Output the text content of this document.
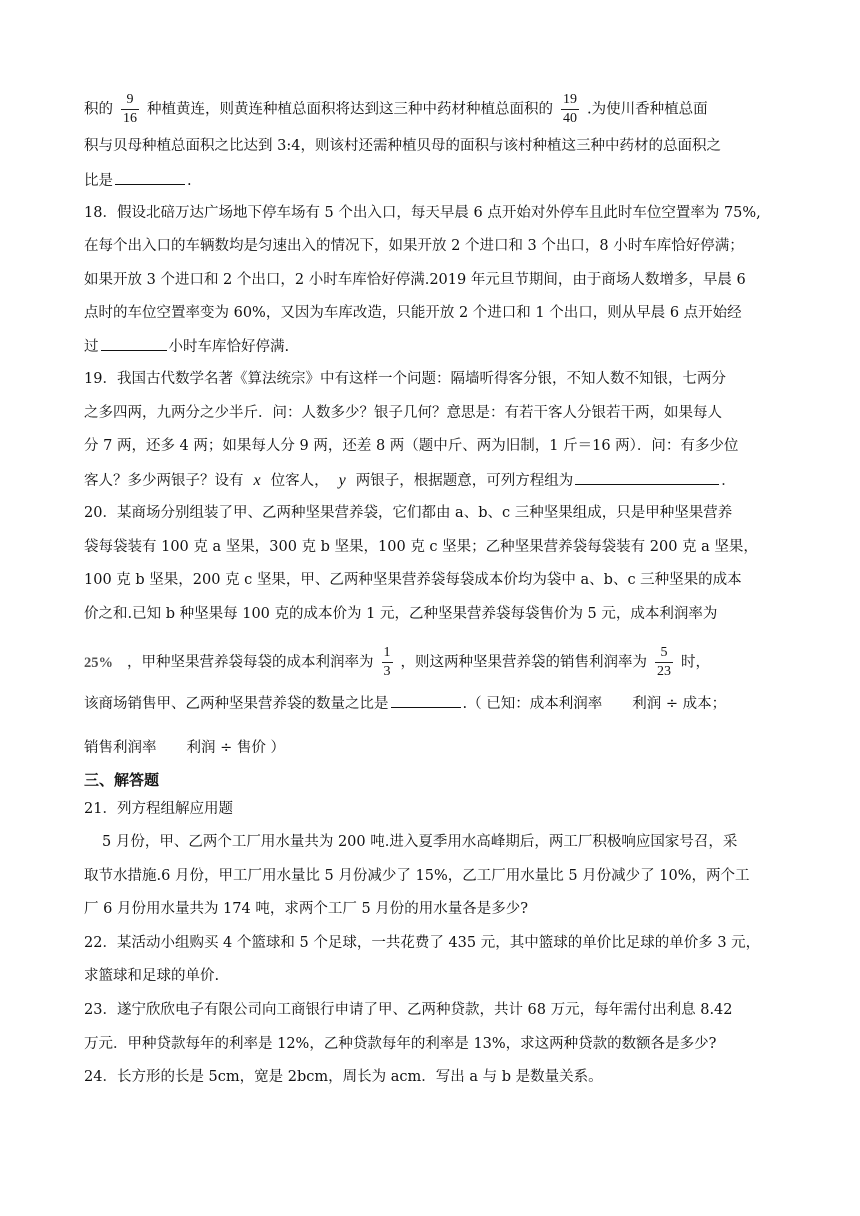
积的 $\frac{9}{16}$ 种植黄连，则黄连种植总面积将达到这三种中药材种植总面积的 $\frac{19}{40}$ .为使川香种植总面
积与贝母种植总面积之比达到 3:4，则该村还需种植贝母的面积与该村种植这三种中药材的总面积之
比是	.
18．假设北碚万达广场地下停车场有 5 个出入口，每天早晨 6 点开始对外停车且此时车位空置率为 75%,
在每个出入口的车辆数均是匀速出入的情况下，如果开放 2 个进口和 3 个出口，8 小时车库恰好停满；
如果开放 3 个进口和 2 个出口，2 小时车库恰好停满.2019 年元旦节期间，由于商场人数增多，早晨 6
点时的车位空置率变为 60%，又因为车库改造，只能开放 2 个进口和 1 个出口，则从早晨 6 点开始经
过	小时车库恰好停满.
19．我国古代数学名著《算法统宗》中有这样一个问题：隔墙听得客分银，不知人数不知银，七两分
之多四两，九两分之少半斤．问：人数多少？银子几何？意思是：有若干客人分银若干两，如果每人
分 7 两，还多 4 两；如果每人分 9 两，还差 8 两（题中斤、两为旧制，1 斤＝16 两）．问：有多少位
客人？多少两银子？设有 x 位客人， y 两银子，根据题意，可列方程组为	．
20．某商场分别组装了甲、乙两种坚果营养袋，它们都由 a、b、c 三种坚果组成，只是甲种坚果营养
袋每袋装有 100 克 a 坚果，300 克 b 坚果，100 克 c 坚果；乙种坚果营养袋每袋装有 200 克 a 坚果，
100 克 b 坚果，200 克 c 坚果，甲、乙两种坚果营养袋每袋成本价均为袋中 a、b、c 三种坚果的成本
价之和.已知 b 种坚果每 100 克的成本价为 1 元，乙种坚果营养袋每袋售价为 5 元，成本利润率为
25% ，甲种坚果营养袋每袋的成本利润率为 $\frac{1}{3}$ ，则这两种坚果营养袋的销售利润率为 $\frac{5}{23}$ 时，
该商场销售甲、乙两种坚果营养袋的数量之比是	.（ 已知：成本利润率 利润 ÷ 成本；
销售利润率 利润 ÷ 售价 ）
三、解答题
21．列方程组解应用题
5 月份，甲、乙两个工厂用水量共为 200 吨.进入夏季用水高峰期后，两工厂积极响应国家号召，采
取节水措施.6 月份，甲工厂用水量比 5 月份减少了 15%，乙工厂用水量比 5 月份减少了 10%，两个工
厂 6 月份用水量共为 174 吨，求两个工厂 5 月份的用水量各是多少?
22．某活动小组购买 4 个篮球和 5 个足球，一共花费了 435 元，其中篮球的单价比足球的单价多 3 元，
求篮球和足球的单价.
23．遂宁欣欣电子有限公司向工商银行申请了甲、乙两种贷款，共计 68 万元，每年需付出利息 8.42
万元．甲种贷款每年的利率是 12%，乙种贷款每年的利率是 13%，求这两种贷款的数额各是多少?
24．长方形的长是 5cm，宽是 2bcm，周长为 acm．写出 a 与 b 是数量关系。
